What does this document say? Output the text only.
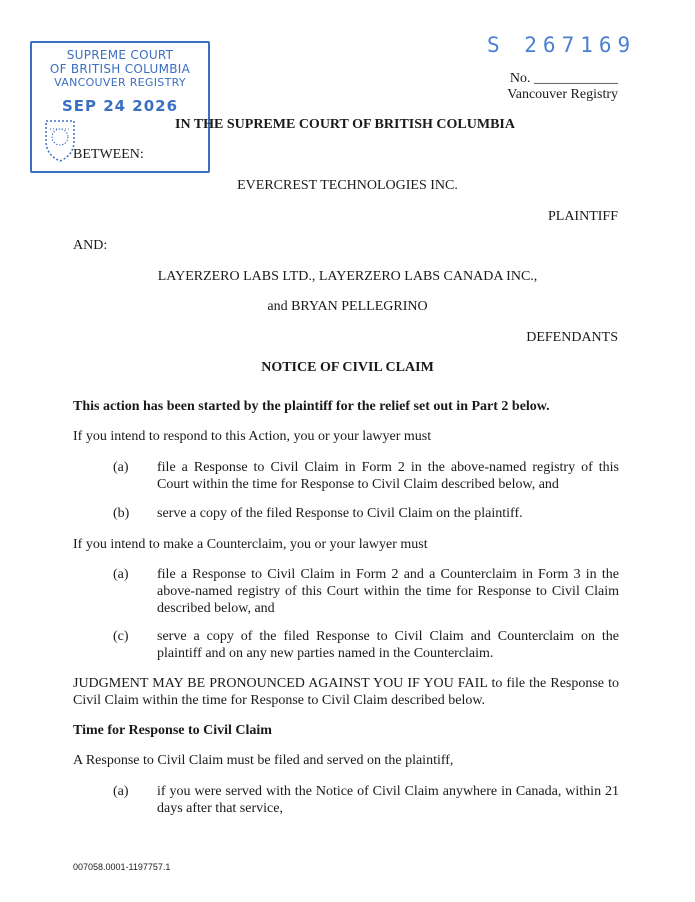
SUPREME COURT
OF BRITISH COLUMBIA
VANCOUVER REGISTRY
SEP 24 2026
S 267169
No. ____________
Vancouver Registry
IN THE SUPREME COURT OF BRITISH COLUMBIA
BETWEEN:
EVERCREST TECHNOLOGIES INC.
PLAINTIFF
AND:
LAYERZERO LABS LTD., LAYERZERO LABS CANADA INC.,
and BRYAN PELLEGRINO
DEFENDANTS
NOTICE OF CIVIL CLAIM
This action has been started by the plaintiff for the relief set out in Part 2 below.
If you intend to respond to this Action, you or your lawyer must
(a) file a Response to Civil Claim in Form 2 in the above-named registry of this Court within the time for Response to Civil Claim described below, and
(b) serve a copy of the filed Response to Civil Claim on the plaintiff.
If you intend to make a Counterclaim, you or your lawyer must
(a) file a Response to Civil Claim in Form 2 and a Counterclaim in Form 3 in the above-named registry of this Court within the time for Response to Civil Claim described below, and
(c) serve a copy of the filed Response to Civil Claim and Counterclaim on the plaintiff and on any new parties named in the Counterclaim.
JUDGMENT MAY BE PRONOUNCED AGAINST YOU IF YOU FAIL to file the Response to Civil Claim within the time for Response to Civil Claim described below.
Time for Response to Civil Claim
A Response to Civil Claim must be filed and served on the plaintiff,
(a) if you were served with the Notice of Civil Claim anywhere in Canada, within 21 days after that service,
007058.0001-1197757.1
